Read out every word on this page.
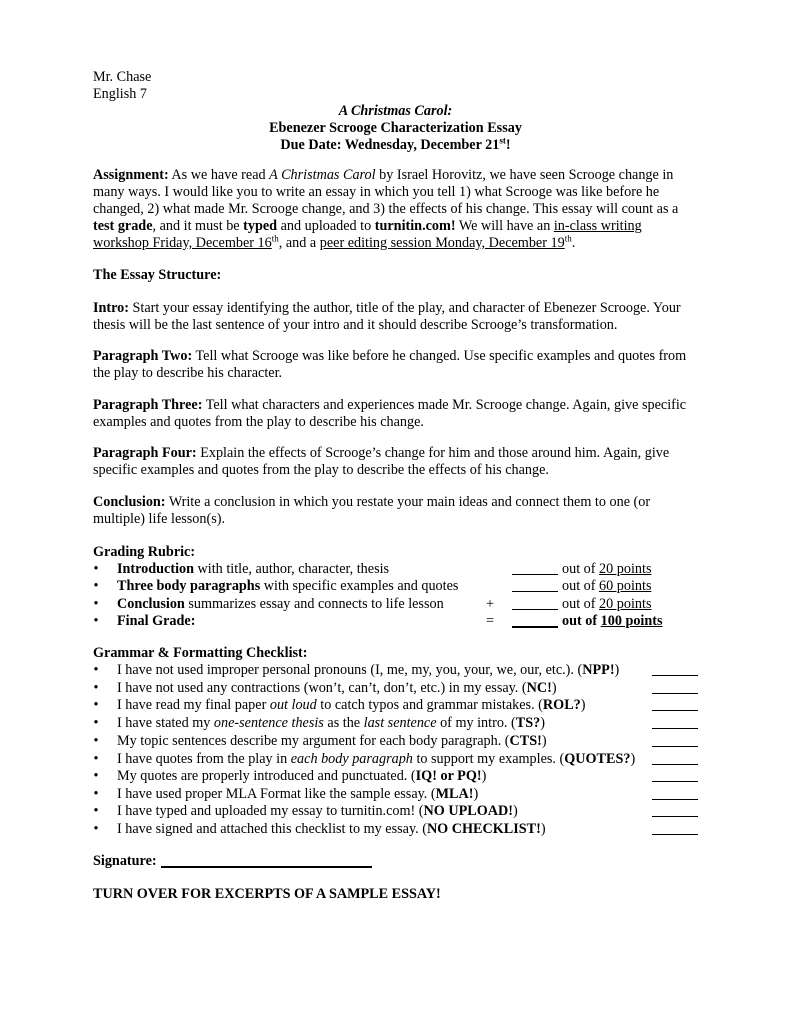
Mr. Chase
English 7
A Christmas Carol:
Ebenezer Scrooge Characterization Essay
Due Date: Wednesday, December 21st!
Assignment: As we have read A Christmas Carol by Israel Horovitz, we have seen Scrooge change in
many ways. I would like you to write an essay in which you tell 1) what Scrooge was like before he
changed, 2) what made Mr. Scrooge change, and 3) the effects of his change. This essay will count as a
test grade, and it must be typed and uploaded to turnitin.com! We will have an in-class writing
workshop Friday, December 16th, and a peer editing session Monday, December 19th.
The Essay Structure:
Intro: Start your essay identifying the author, title of the play, and character of Ebenezer Scrooge. Your
thesis will be the last sentence of your intro and it should describe Scrooge’s transformation.
Paragraph Two: Tell what Scrooge was like before he changed. Use specific examples and quotes from
the play to describe his character.
Paragraph Three: Tell what characters and experiences made Mr. Scrooge change. Again, give specific
examples and quotes from the play to describe his change.
Paragraph Four: Explain the effects of Scrooge’s change for him and those around him. Again, give
specific examples and quotes from the play to describe the effects of his change.
Conclusion: Write a conclusion in which you restate your main ideas and connect them to one (or
multiple) life lesson(s).
Grading Rubric:
• Introduction with title, author, character, thesis	out of 20 points
• Three body paragraphs with specific examples and quotes	out of 60 points
• Conclusion summarizes essay and connects to life lesson	+	out of 20 points
• Final Grade:	=	out of 100 points
Grammar & Formatting Checklist:
• I have not used improper personal pronouns (I, me, my, you, your, we, our, etc.). (NPP!)
• I have not used any contractions (won’t, can’t, don’t, etc.) in my essay. (NC!)
• I have read my final paper out loud to catch typos and grammar mistakes. (ROL?)
• I have stated my one-sentence thesis as the last sentence of my intro. (TS?)
• My topic sentences describe my argument for each body paragraph. (CTS!)
• I have quotes from the play in each body paragraph to support my examples. (QUOTES?)
• My quotes are properly introduced and punctuated. (IQ! or PQ!)
• I have used proper MLA Format like the sample essay. (MLA!)
• I have typed and uploaded my essay to turnitin.com! (NO UPLOAD!)
• I have signed and attached this checklist to my essay. (NO CHECKLIST!)
Signature:
TURN OVER FOR EXCERPTS OF A SAMPLE ESSAY!
